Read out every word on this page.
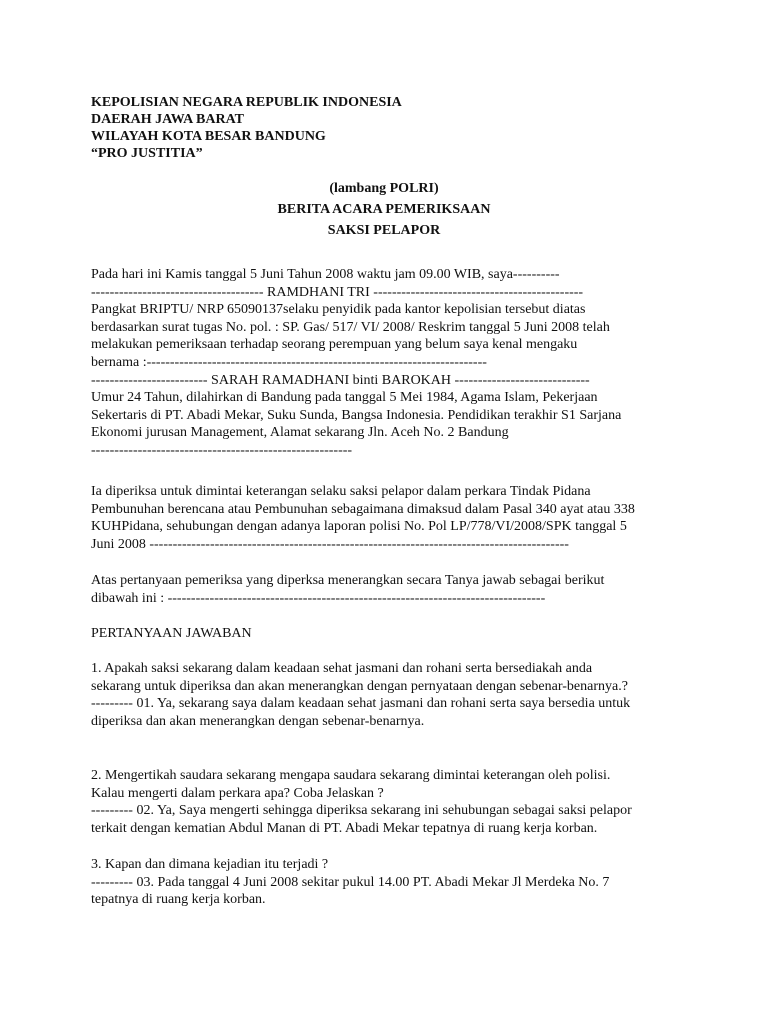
KEPOLISIAN NEGARA REPUBLIK INDONESIA
DAERAH JAWA BARAT
WILAYAH KOTA BESAR BANDUNG
“PRO JUSTITIA”
(lambang POLRI)
BERITA ACARA PEMERIKSAAN
SAKSI PELAPOR
Pada hari ini Kamis tanggal 5 Juni Tahun 2008 waktu jam 09.00 WIB, saya----------
------------------------------------- RAMDHANI TRI ---------------------------------------------
Pangkat BRIPTU/ NRP 65090137selaku penyidik pada kantor kepolisian tersebut diatas
berdasarkan surat tugas No. pol. : SP. Gas/ 517/ VI/ 2008/ Reskrim tanggal 5 Juni 2008 telah
melakukan pemeriksaan terhadap seorang perempuan yang belum saya kenal mengaku
bernama :-------------------------------------------------------------------------
------------------------- SARAH RAMADHANI binti BAROKAH -----------------------------
Umur 24 Tahun, dilahirkan di Bandung pada tanggal 5 Mei 1984, Agama Islam, Pekerjaan
Sekertaris di PT. Abadi Mekar, Suku Sunda, Bangsa Indonesia. Pendidikan terakhir S1 Sarjana
Ekonomi jurusan Management, Alamat sekarang Jln. Aceh No. 2 Bandung
--------------------------------------------------------
Ia diperiksa untuk dimintai keterangan selaku saksi pelapor dalam perkara Tindak Pidana
Pembunuhan berencana atau Pembunuhan sebagaimana dimaksud dalam Pasal 340 ayat atau 338
KUHPidana, sehubungan dengan adanya laporan polisi No. Pol LP/778/VI/2008/SPK tanggal 5
Juni 2008 ------------------------------------------------------------------------------------------
Atas pertanyaan pemeriksa yang diperksa menerangkan secara Tanya jawab sebagai berikut
dibawah ini : ---------------------------------------------------------------------------------
PERTANYAAN JAWABAN
1. Apakah saksi sekarang dalam keadaan sehat jasmani dan rohani serta bersediakah anda
sekarang untuk diperiksa dan akan menerangkan dengan pernyataan dengan sebenar-benarnya.?
--------- 01. Ya, sekarang saya dalam keadaan sehat jasmani dan rohani serta saya bersedia untuk
diperiksa dan akan menerangkan dengan sebenar-benarnya.
2. Mengertikah saudara sekarang mengapa saudara sekarang dimintai keterangan oleh polisi.
Kalau mengerti dalam perkara apa? Coba Jelaskan ?
--------- 02. Ya, Saya mengerti sehingga diperiksa sekarang ini sehubungan sebagai saksi pelapor
terkait dengan kematian Abdul Manan di PT. Abadi Mekar tepatnya di ruang kerja korban.
3. Kapan dan dimana kejadian itu terjadi ?
--------- 03. Pada tanggal 4 Juni 2008 sekitar pukul 14.00 PT. Abadi Mekar Jl Merdeka No. 7
tepatnya di ruang kerja korban.
